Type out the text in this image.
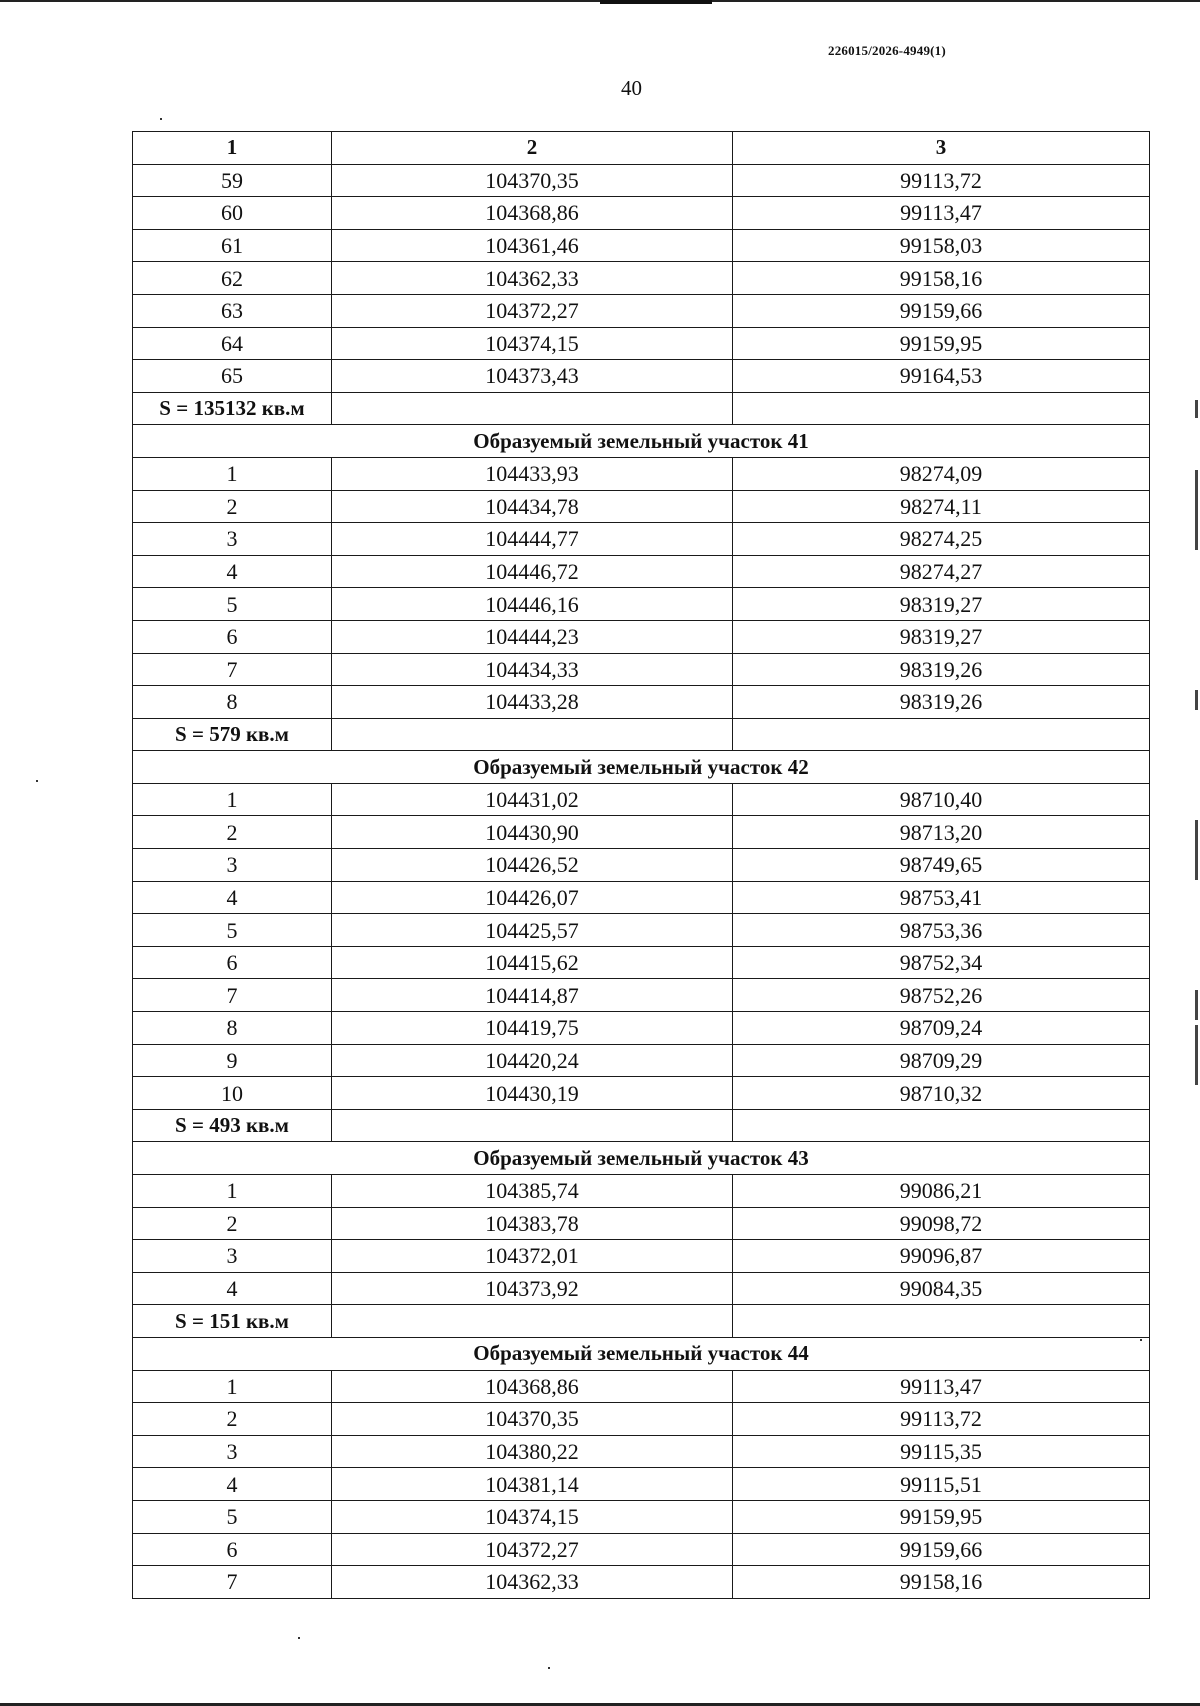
226015/2026-4949(1)
40
1	2	3
59	104370,35	99113,72
60	104368,86	99113,47
61	104361,46	99158,03
62	104362,33	99158,16
63	104372,27	99159,66
64	104374,15	99159,95
65	104373,43	99164,53
S = 135132 кв.м		
Образуемый земельный участок 41		
1	104433,93	98274,09
2	104434,78	98274,11
3	104444,77	98274,25
4	104446,72	98274,27
5	104446,16	98319,27
6	104444,23	98319,27
7	104434,33	98319,26
8	104433,28	98319,26
S = 579 кв.м		
Образуемый земельный участок 42		
1	104431,02	98710,40
2	104430,90	98713,20
3	104426,52	98749,65
4	104426,07	98753,41
5	104425,57	98753,36
6	104415,62	98752,34
7	104414,87	98752,26
8	104419,75	98709,24
9	104420,24	98709,29
10	104430,19	98710,32
S = 493 кв.м		
Образуемый земельный участок 43		
1	104385,74	99086,21
2	104383,78	99098,72
3	104372,01	99096,87
4	104373,92	99084,35
S = 151 кв.м		
Образуемый земельный участок 44		
1	104368,86	99113,47
2	104370,35	99113,72
3	104380,22	99115,35
4	104381,14	99115,51
5	104374,15	99159,95
6	104372,27	99159,66
7	104362,33	99158,16
